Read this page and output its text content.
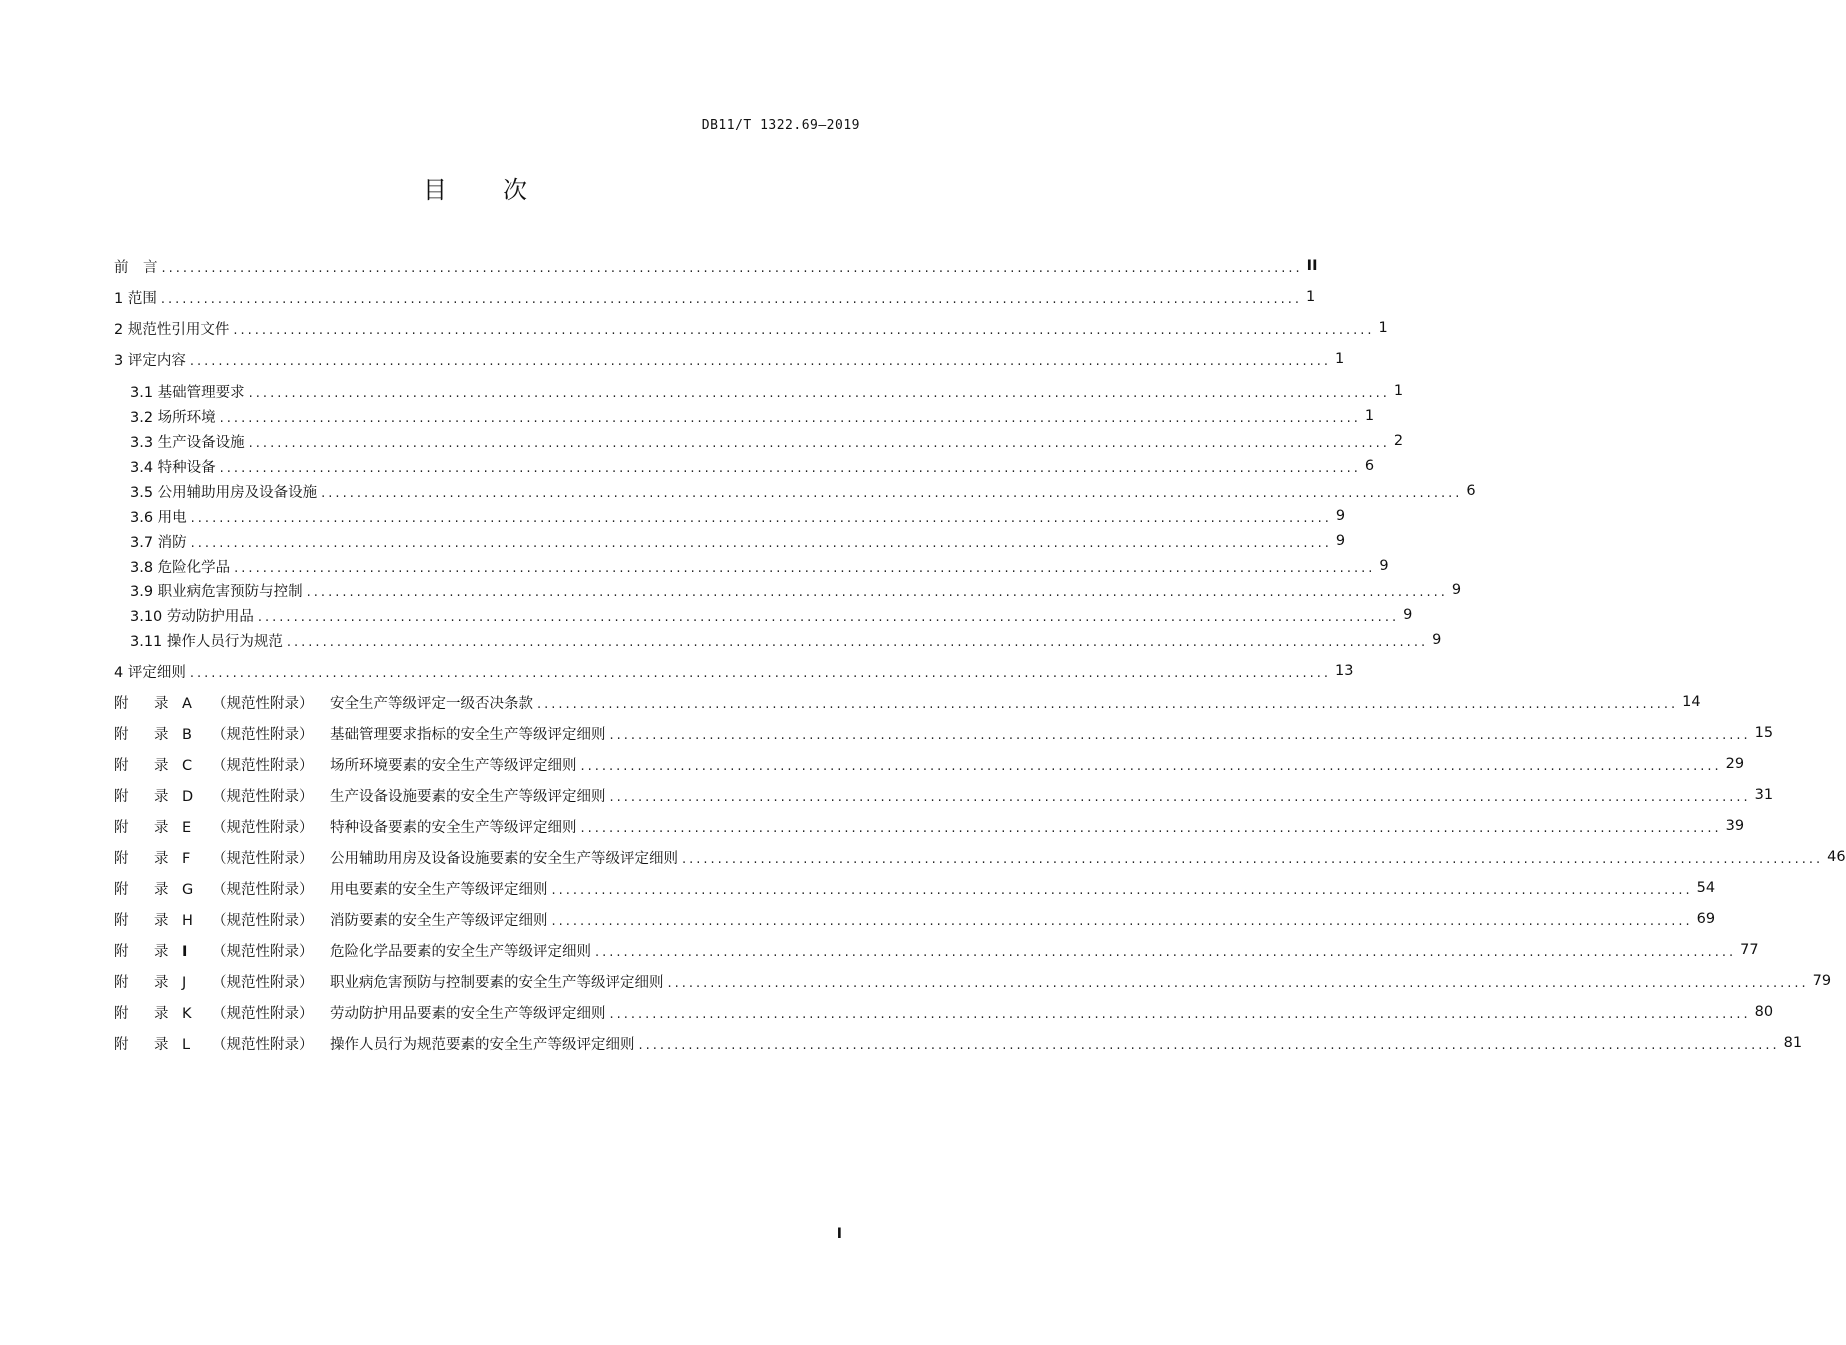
DB11/T 1322.69—2019
目 次
前　言 ................................................................................................................................................................ II
1 范围 ................................................................................................................................................................ 1
2 规范性引用文件 ................................................................................................................................................................ 1
3 评定内容 ................................................................................................................................................................ 1
3.1 基础管理要求 ................................................................................................................................................................ 1
3.2 场所环境 ................................................................................................................................................................ 1
3.3 生产设备设施 ................................................................................................................................................................ 2
3.4 特种设备 ................................................................................................................................................................ 6
3.5 公用辅助用房及设备设施 ................................................................................................................................................................ 6
3.6 用电 ................................................................................................................................................................ 9
3.7 消防 ................................................................................................................................................................ 9
3.8 危险化学品 ................................................................................................................................................................ 9
3.9 职业病危害预防与控制 ................................................................................................................................................................ 9
3.10 劳动防护用品 ................................................................................................................................................................ 9
3.11 操作人员行为规范 ................................................................................................................................................................ 9
4 评定细则 ................................................................................................................................................................ 13
附 录 A （规范性附录） 安全生产等级评定一级否决条款 ................................................................................................................................................................ 14
附 录 B （规范性附录） 基础管理要求指标的安全生产等级评定细则 ................................................................................................................................................................ 15
附 录 C （规范性附录） 场所环境要素的安全生产等级评定细则 ................................................................................................................................................................ 29
附 录 D （规范性附录） 生产设备设施要素的安全生产等级评定细则 ................................................................................................................................................................ 31
附 录 E （规范性附录） 特种设备要素的安全生产等级评定细则 ................................................................................................................................................................ 39
附 录 F （规范性附录） 公用辅助用房及设备设施要素的安全生产等级评定细则 ................................................................................................................................................................ 46
附 录 G （规范性附录） 用电要素的安全生产等级评定细则 ................................................................................................................................................................ 54
附 录 H （规范性附录） 消防要素的安全生产等级评定细则 ................................................................................................................................................................ 69
附 录 I （规范性附录） 危险化学品要素的安全生产等级评定细则 ................................................................................................................................................................ 77
附 录 J （规范性附录） 职业病危害预防与控制要素的安全生产等级评定细则 ................................................................................................................................................................ 79
附 录 K （规范性附录） 劳动防护用品要素的安全生产等级评定细则 ................................................................................................................................................................ 80
附 录 L （规范性附录） 操作人员行为规范要素的安全生产等级评定细则 ................................................................................................................................................................ 81
I
